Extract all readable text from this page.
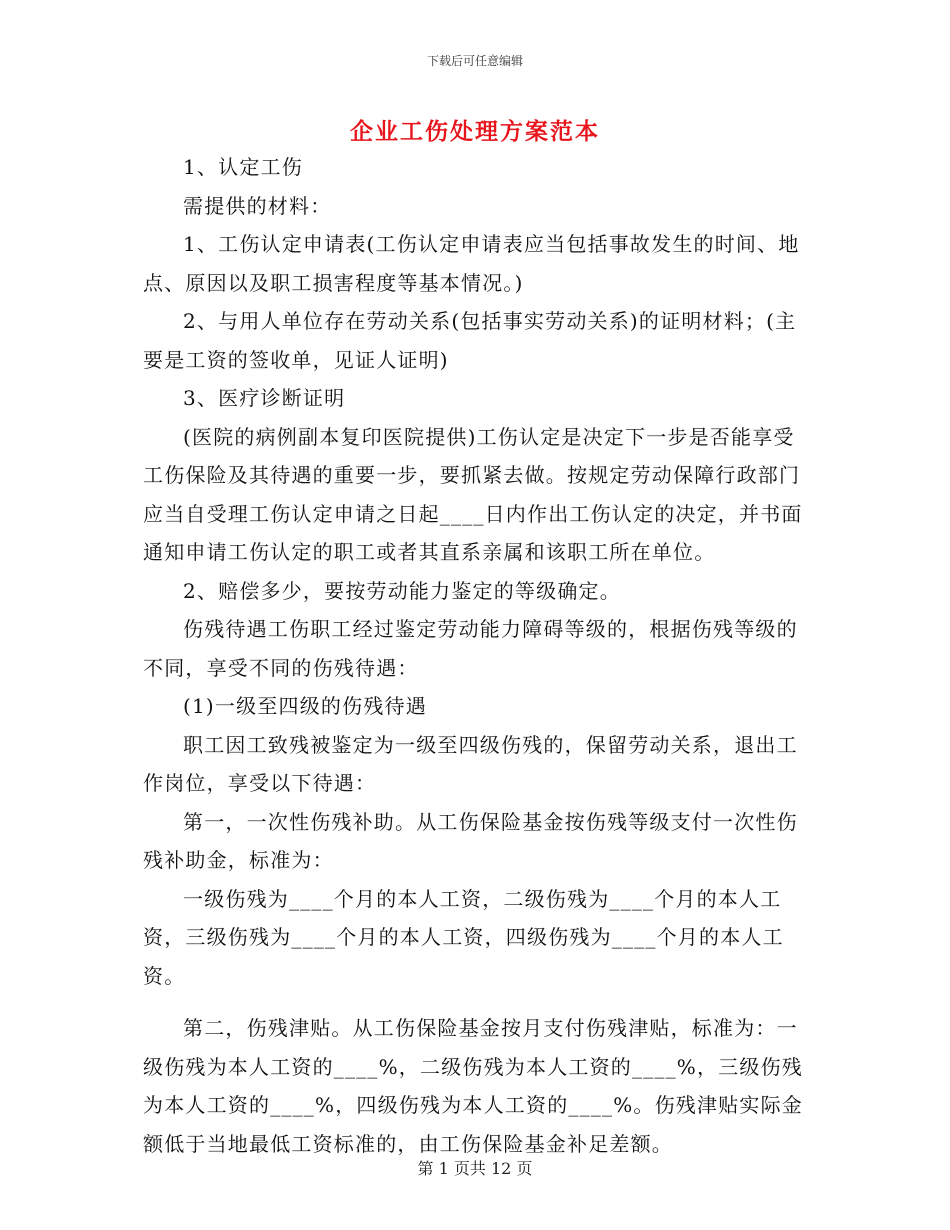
下载后可任意编辑
企业工伤处理方案范本

1、认定工伤

需提供的材料：

1、工伤认定申请表(工伤认定申请表应当包括事故发生的时间、地点、原因以及职工损害程度等基本情况。)

2、与用人单位存在劳动关系(包括事实劳动关系)的证明材料；(主要是工资的签收单，见证人证明)

3、医疗诊断证明

(医院的病例副本复印医院提供)工伤认定是决定下一步是否能享受工伤保险及其待遇的重要一步，要抓紧去做。按规定劳动保障行政部门应当自受理工伤认定申请之日起____日内作出工伤认定的决定，并书面通知申请工伤认定的职工或者其直系亲属和该职工所在单位。

2、赔偿多少，要按劳动能力鉴定的等级确定。

伤残待遇工伤职工经过鉴定劳动能力障碍等级的，根据伤残等级的不同，享受不同的伤残待遇：

(1)一级至四级的伤残待遇

职工因工致残被鉴定为一级至四级伤残的，保留劳动关系，退出工作岗位，享受以下待遇：

第一，一次性伤残补助。从工伤保险基金按伤残等级支付一次性伤残补助金，标准为：

一级伤残为____个月的本人工资，二级伤残为____个月的本人工资，三级伤残为____个月的本人工资，四级伤残为____个月的本人工资。

第二，伤残津贴。从工伤保险基金按月支付伤残津贴，标准为：一级伤残为本人工资的____%，二级伤残为本人工资的____%，三级伤残为本人工资的____%，四级伤残为本人工资的____%。伤残津贴实际金额低于当地最低工资标准的，由工伤保险基金补足差额。

第 1 页共 12 页
